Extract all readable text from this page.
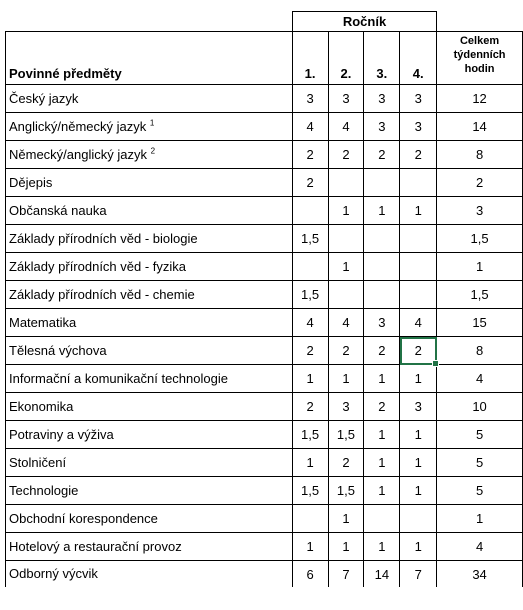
Ročník
Povinné předměty	1.	2.	3.	4.	Celkem
týdenních
hodin

Český jazyk	3	3	3	3	12
Anglický/německý jazyk $^1$	4	4	3	3	14
Německý/anglický jazyk $^2$	2	2	2	2	8
Dějepis	2				2
Občanská nauka		1	1	1	3
Základy přírodních věd - biologie	1,5				1,5
Základy přírodních věd - fyzika		1			1
Základy přírodních věd - chemie	1,5				1,5
Matematika	4	4	3	4	15
Tělesná výchova	2	2	2	2	8
Informační a komunikační technologie	1	1	1	1	4
Ekonomika	2	3	2	3	10
Potraviny a výživa	1,5	1,5	1	1	5
Stolničení	1	2	1	1	5
Technologie	1,5	1,5	1	1	5
Obchodní korespondence		1			1
Hotelový a restaurační provoz	1	1	1	1	4
Odborný výcvik	6	7	14	7	34
